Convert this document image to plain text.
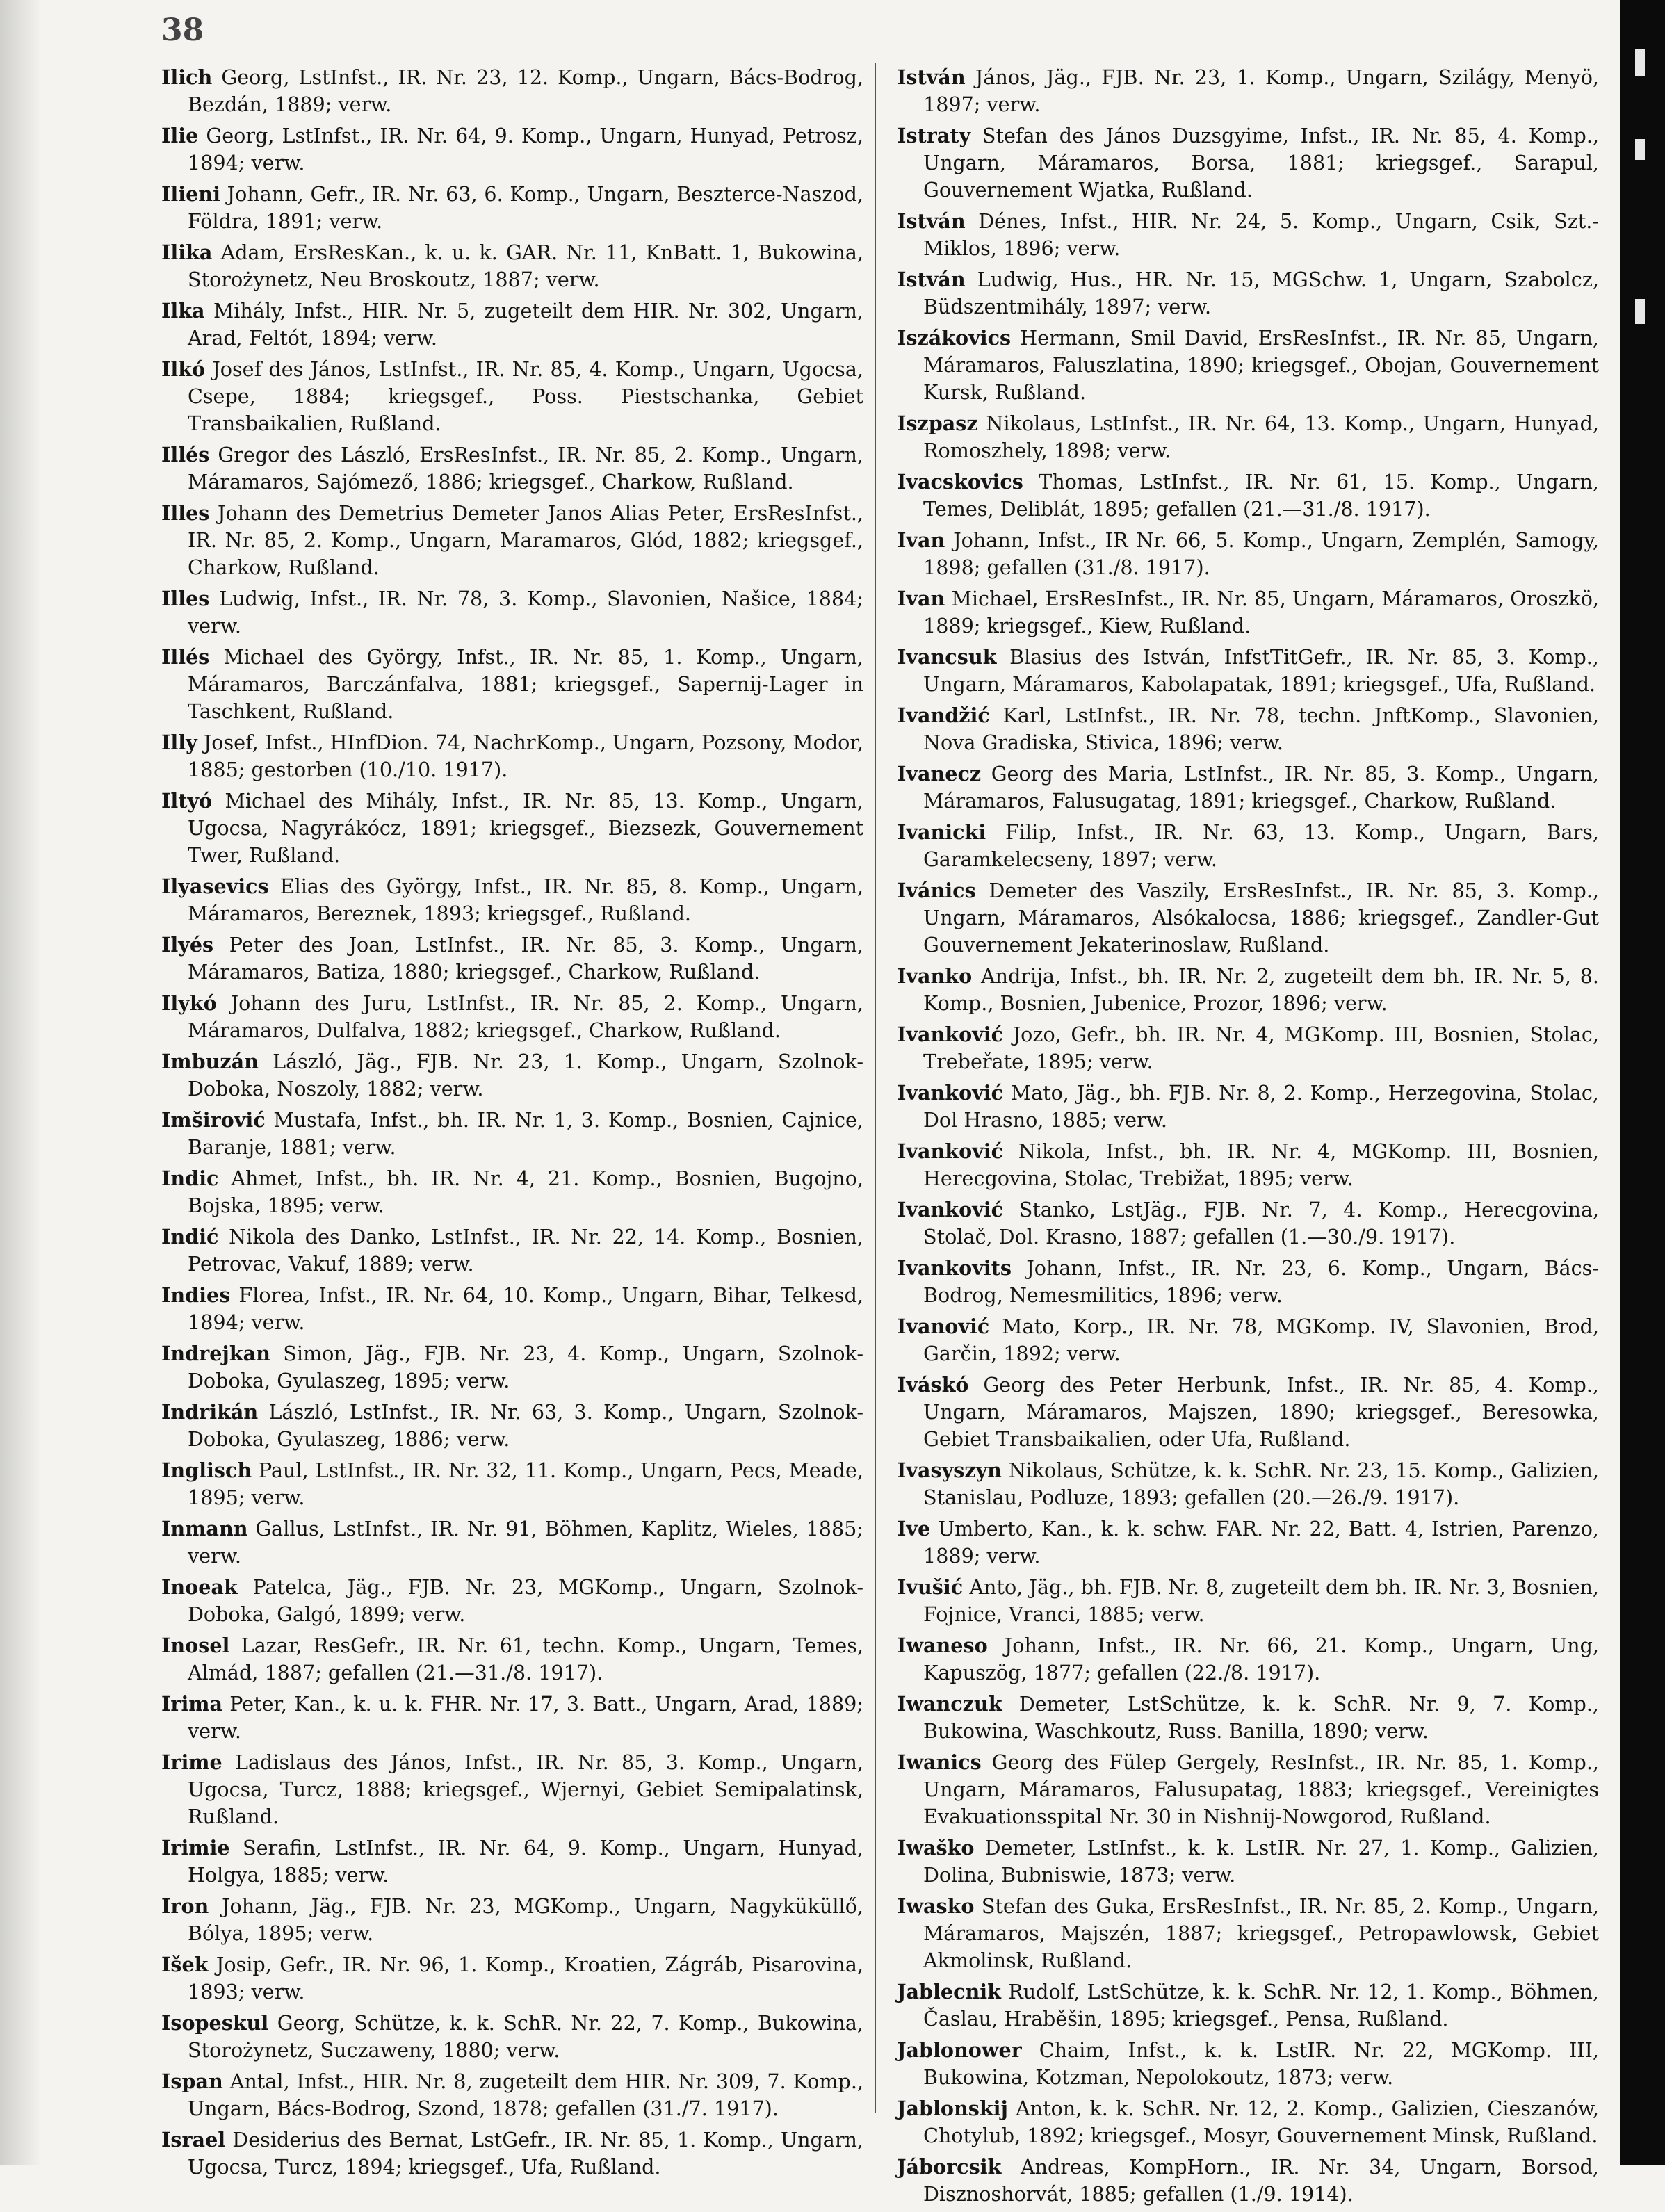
38

Ilich Georg, LstInfst., IR. Nr. 23, 12. Komp., Ungarn, Bács-Bodrog, Bezdán, 1889; verw.

Ilie Georg, LstInfst., IR. Nr. 64, 9. Komp., Ungarn, Hunyad, Petrosz, 1894; verw.

Ilieni Johann, Gefr., IR. Nr. 63, 6. Komp., Ungarn, Beszterce-Naszod, Földra, 1891; verw.

Ilika Adam, ErsResKan., k. u. k. GAR. Nr. 11, KnBatt. 1, Bukowina, Storożynetz, Neu Broskoutz, 1887; verw.

Ilka Mihály, Infst., HIR. Nr. 5, zugeteilt dem HIR. Nr. 302, Ungarn, Arad, Feltót, 1894; verw.

Ilkó Josef des János, LstInfst., IR. Nr. 85, 4. Komp., Ungarn, Ugocsa, Csepe, 1884; kriegsgef., Poss. Piestschanka, Gebiet Transbaikalien, Rußland.

Illés Gregor des László, ErsResInfst., IR. Nr. 85, 2. Komp., Ungarn, Máramaros, Sajómező, 1886; kriegsgef., Charkow, Rußland.

Illes Johann des Demetrius Demeter Janos Alias Peter, ErsResInfst., IR. Nr. 85, 2. Komp., Ungarn, Maramaros, Glód, 1882; kriegsgef., Charkow, Rußland.

Illes Ludwig, Infst., IR. Nr. 78, 3. Komp., Slavonien, Našice, 1884; verw.

Illés Michael des György, Infst., IR. Nr. 85, 1. Komp., Ungarn, Máramaros, Barczánfalva, 1881; kriegsgef., Sapernij-Lager in Taschkent, Rußland.

Illy Josef, Infst., HInfDion. 74, NachrKomp., Ungarn, Pozsony, Modor, 1885; gestorben (10./10. 1917).

Iltyó Michael des Mihály, Infst., IR. Nr. 85, 13. Komp., Ungarn, Ugocsa, Nagyrákócz, 1891; kriegsgef., Biezsezk, Gouvernement Twer, Rußland.

Ilyasevics Elias des György, Infst., IR. Nr. 85, 8. Komp., Ungarn, Máramaros, Bereznek, 1893; kriegsgef., Rußland.

Ilyés Peter des Joan, LstInfst., IR. Nr. 85, 3. Komp., Ungarn, Máramaros, Batiza, 1880; kriegsgef., Charkow, Rußland.

Ilykó Johann des Juru, LstInfst., IR. Nr. 85, 2. Komp., Ungarn, Máramaros, Dulfalva, 1882; kriegsgef., Charkow, Rußland.

Imbuzán László, Jäg., FJB. Nr. 23, 1. Komp., Ungarn, Szolnok-Doboka, Noszoly, 1882; verw.

Imširović Mustafa, Infst., bh. IR. Nr. 1, 3. Komp., Bosnien, Cajnice, Baranje, 1881; verw.

Indic Ahmet, Infst., bh. IR. Nr. 4, 21. Komp., Bosnien, Bugojno, Bojska, 1895; verw.

Indić Nikola des Danko, LstInfst., IR. Nr. 22, 14. Komp., Bosnien, Petrovac, Vakuf, 1889; verw.

Indies Florea, Infst., IR. Nr. 64, 10. Komp., Ungarn, Bihar, Telkesd, 1894; verw.

Indrejkan Simon, Jäg., FJB. Nr. 23, 4. Komp., Ungarn, Szolnok-Doboka, Gyulaszeg, 1895; verw.

Indrikán László, LstInfst., IR. Nr. 63, 3. Komp., Ungarn, Szolnok-Doboka, Gyulaszeg, 1886; verw.

Inglisch Paul, LstInfst., IR. Nr. 32, 11. Komp., Ungarn, Pecs, Meade, 1895; verw.

Inmann Gallus, LstInfst., IR. Nr. 91, Böhmen, Kaplitz, Wieles, 1885; verw.

Inoeak Patelca, Jäg., FJB. Nr. 23, MGKomp., Ungarn, Szolnok-Doboka, Galgó, 1899; verw.

Inosel Lazar, ResGefr., IR. Nr. 61, techn. Komp., Ungarn, Temes, Almád, 1887; gefallen (21.—31./8. 1917).

Irima Peter, Kan., k. u. k. FHR. Nr. 17, 3. Batt., Ungarn, Arad, 1889; verw.

Irime Ladislaus des János, Infst., IR. Nr. 85, 3. Komp., Ungarn, Ugocsa, Turcz, 1888; kriegsgef., Wjernyi, Gebiet Semipalatinsk, Rußland.

Irimie Serafin, LstInfst., IR. Nr. 64, 9. Komp., Ungarn, Hunyad, Holgya, 1885; verw.

Iron Johann, Jäg., FJB. Nr. 23, MGKomp., Ungarn, Nagyküküllő, Bólya, 1895; verw.

Išek Josip, Gefr., IR. Nr. 96, 1. Komp., Kroatien, Zágráb, Pisarovina, 1893; verw.

Isopeskul Georg, Schütze, k. k. SchR. Nr. 22, 7. Komp., Bukowina, Storożynetz, Suczaweny, 1880; verw.

Ispan Antal, Infst., HIR. Nr. 8, zugeteilt dem HIR. Nr. 309, 7. Komp., Ungarn, Bács-Bodrog, Szond, 1878; gefallen (31./7. 1917).

Israel Desiderius des Bernat, LstGefr., IR. Nr. 85, 1. Komp., Ungarn, Ugocsa, Turcz, 1894; kriegsgef., Ufa, Rußland.

István János, Jäg., FJB. Nr. 23, 1. Komp., Ungarn, Szilágy, Menyö, 1897; verw.

Istraty Stefan des János Duzsgyime, Infst., IR. Nr. 85, 4. Komp., Ungarn, Máramaros, Borsa, 1881; kriegsgef., Sarapul, Gouvernement Wjatka, Rußland.

István Dénes, Infst., HIR. Nr. 24, 5. Komp., Ungarn, Csik, Szt.-Miklos, 1896; verw.

István Ludwig, Hus., HR. Nr. 15, MGSchw. 1, Ungarn, Szabolcz, Büdszentmihály, 1897; verw.

Iszákovics Hermann, Smil David, ErsResInfst., IR. Nr. 85, Ungarn, Máramaros, Faluszlatina, 1890; kriegsgef., Obojan, Gouvernement Kursk, Rußland.

Iszpasz Nikolaus, LstInfst., IR. Nr. 64, 13. Komp., Ungarn, Hunyad, Romoszhely, 1898; verw.

Ivacskovics Thomas, LstInfst., IR. Nr. 61, 15. Komp., Ungarn, Temes, Deliblát, 1895; gefallen (21.—31./8. 1917).

Ivan Johann, Infst., IR Nr. 66, 5. Komp., Ungarn, Zemplén, Samogy, 1898; gefallen (31./8. 1917).

Ivan Michael, ErsResInfst., IR. Nr. 85, Ungarn, Máramaros, Oroszkö, 1889; kriegsgef., Kiew, Rußland.

Ivancsuk Blasius des István, InfstTitGefr., IR. Nr. 85, 3. Komp., Ungarn, Máramaros, Kabolapatak, 1891; kriegsgef., Ufa, Rußland.

Ivandžić Karl, LstInfst., IR. Nr. 78, techn. JnftKomp., Slavonien, Nova Gradiska, Stivica, 1896; verw.

Ivanecz Georg des Maria, LstInfst., IR. Nr. 85, 3. Komp., Ungarn, Máramaros, Falusugatag, 1891; kriegsgef., Charkow, Rußland.

Ivanicki Filip, Infst., IR. Nr. 63, 13. Komp., Ungarn, Bars, Garamkelecseny, 1897; verw.

Ivánics Demeter des Vaszily, ErsResInfst., IR. Nr. 85, 3. Komp., Ungarn, Máramaros, Alsókalocsa, 1886; kriegsgef., Zandler-Gut Gouvernement Jekaterinoslaw, Rußland.

Ivanko Andrija, Infst., bh. IR. Nr. 2, zugeteilt dem bh. IR. Nr. 5, 8. Komp., Bosnien, Jubenice, Prozor, 1896; verw.

Ivanković Jozo, Gefr., bh. IR. Nr. 4, MGKomp. III, Bosnien, Stolac, Trebeřate, 1895; verw.

Ivanković Mato, Jäg., bh. FJB. Nr. 8, 2. Komp., Herzegovina, Stolac, Dol Hrasno, 1885; verw.

Ivanković Nikola, Infst., bh. IR. Nr. 4, MGKomp. III, Bosnien, Herecgovina, Stolac, Trebižat, 1895; verw.

Ivanković Stanko, LstJäg., FJB. Nr. 7, 4. Komp., Herecgovina, Stolač, Dol. Krasno, 1887; gefallen (1.—30./9. 1917).

Ivankovits Johann, Infst., IR. Nr. 23, 6. Komp., Ungarn, Bács-Bodrog, Nemesmilitics, 1896; verw.

Ivanović Mato, Korp., IR. Nr. 78, MGKomp. IV, Slavonien, Brod, Garčin, 1892; verw.

Iváskó Georg des Peter Herbunk, Infst., IR. Nr. 85, 4. Komp., Ungarn, Máramaros, Majszen, 1890; kriegsgef., Beresowka, Gebiet Transbaikalien, oder Ufa, Rußland.

Ivasyszyn Nikolaus, Schütze, k. k. SchR. Nr. 23, 15. Komp., Galizien, Stanislau, Podluze, 1893; gefallen (20.—26./9. 1917).

Ive Umberto, Kan., k. k. schw. FAR. Nr. 22, Batt. 4, Istrien, Parenzo, 1889; verw.

Ivušić Anto, Jäg., bh. FJB. Nr. 8, zugeteilt dem bh. IR. Nr. 3, Bosnien, Fojnice, Vranci, 1885; verw.

Iwaneso Johann, Infst., IR. Nr. 66, 21. Komp., Ungarn, Ung, Kapuszög, 1877; gefallen (22./8. 1917).

Iwanczuk Demeter, LstSchütze, k. k. SchR. Nr. 9, 7. Komp., Bukowina, Waschkoutz, Russ. Banilla, 1890; verw.

Iwanics Georg des Fülep Gergely, ResInfst., IR. Nr. 85, 1. Komp., Ungarn, Máramaros, Falusupatag, 1883; kriegsgef., Vereinigtes Evakuationsspital Nr. 30 in Nishnij-Nowgorod, Rußland.

Iwaško Demeter, LstInfst., k. k. LstIR. Nr. 27, 1. Komp., Galizien, Dolina, Bubniswie, 1873; verw.

Iwasko Stefan des Guka, ErsResInfst., IR. Nr. 85, 2. Komp., Ungarn, Máramaros, Majszén, 1887; kriegsgef., Petropawlowsk, Gebiet Akmolinsk, Rußland.

Jablecnik Rudolf, LstSchütze, k. k. SchR. Nr. 12, 1. Komp., Böhmen, Časlau, Hraběšin, 1895; kriegsgef., Pensa, Rußland.

Jablonower Chaim, Infst., k. k. LstIR. Nr. 22, MGKomp. III, Bukowina, Kotzman, Nepolokoutz, 1873; verw.

Jablonskij Anton, k. k. SchR. Nr. 12, 2. Komp., Galizien, Cieszanów, Chotylub, 1892; kriegsgef., Mosyr, Gouvernement Minsk, Rußland.

Jáborcsik Andreas, KompHorn., IR. Nr. 34, Ungarn, Borsod, Disznoshorvát, 1885; gefallen (1./9. 1914).
